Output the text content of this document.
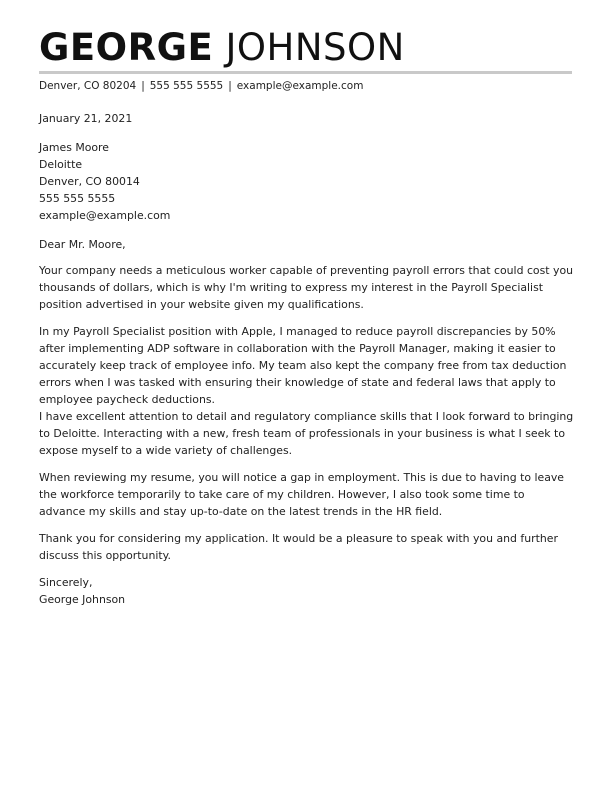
GEORGE JOHNSON
Denver, CO 80204 | 555 555 5555 | example@example.com

January 21, 2021

James Moore
Deloitte
Denver, CO 80014
555 555 5555
example@example.com

Dear Mr. Moore,

Your company needs a meticulous worker capable of preventing payroll errors that could cost you thousands of dollars, which is why I'm writing to express my interest in the Payroll Specialist position advertised in your website given my qualifications.

In my Payroll Specialist position with Apple, I managed to reduce payroll discrepancies by 50% after implementing ADP software in collaboration with the Payroll Manager, making it easier to accurately keep track of employee info. My team also kept the company free from tax deduction errors when I was tasked with ensuring their knowledge of state and federal laws that apply to employee paycheck deductions.

I have excellent attention to detail and regulatory compliance skills that I look forward to bringing to Deloitte. Interacting with a new, fresh team of professionals in your business is what I seek to expose myself to a wide variety of challenges.

When reviewing my resume, you will notice a gap in employment. This is due to having to leave the workforce temporarily to take care of my children. However, I also took some time to advance my skills and stay up-to-date on the latest trends in the HR field.

Thank you for considering my application. It would be a pleasure to speak with you and further discuss this opportunity.

Sincerely,
George Johnson
